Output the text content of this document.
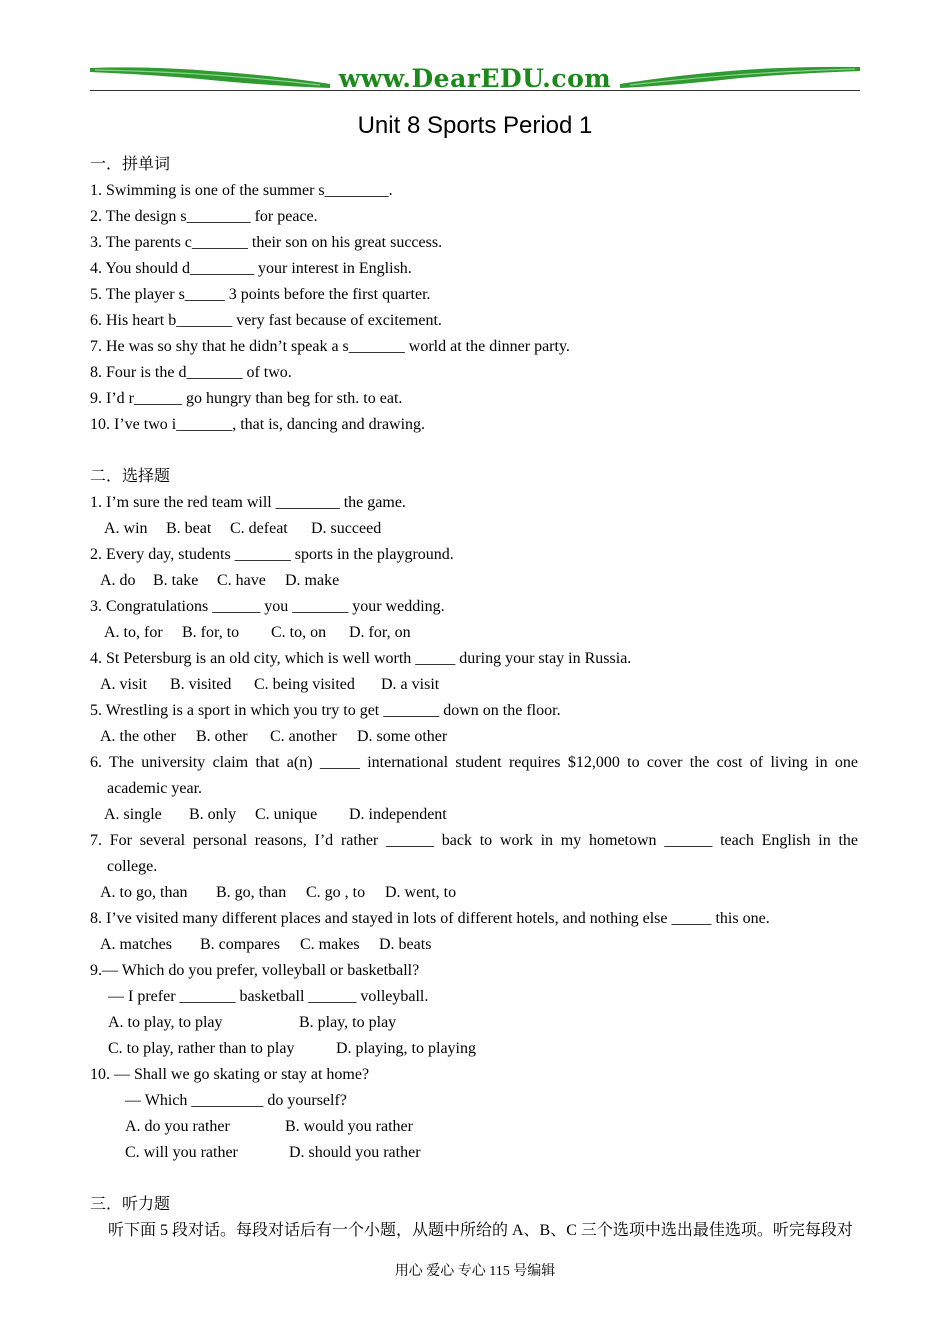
www.DearEDU.com
Unit 8 Sports Period 1
一．拼单词
1. Swimming is one of the summer s________.
2. The design s________ for peace.
3. The parents c_______ their son on his great success.
4. You should d________ your interest in English.
5. The player s_____ 3 points before the first quarter.
6. His heart b_______ very fast because of excitement.
7. He was so shy that he didn’t speak a s_______ world at the dinner party.
8. Four is the d_______ of two.
9. I’d r______ go hungry than beg for sth. to eat.
10. I’ve two i_______, that is, dancing and drawing.
二．选择题
1. I’m sure the red team will ________ the game.
A. win B. beat C. defeat D. succeed
2. Every day, students _______ sports in the playground.
A. do B. take C. have D. make
3. Congratulations ______ you _______ your wedding.
A. to, for B. for, to C. to, on D. for, on
4. St Petersburg is an old city, which is well worth _____ during your stay in Russia.
A. visit B. visited C. being visited D. a visit
5. Wrestling is a sport in which you try to get _______ down on the floor.
A. the other B. other C. another D. some other
6. The university claim that a(n) _____ international student requires $12,000 to cover the cost of living in one
academic year.
A. single B. only C. unique D. independent
7. For several personal reasons, I’d rather ______ back to work in my hometown ______ teach English in the
college.
A. to go, than B. go, than C. go , to D. went, to
8. I’ve visited many different places and stayed in lots of different hotels, and nothing else _____ this one.
A. matches B. compares C. makes D. beats
9.— Which do you prefer, volleyball or basketball?
— I prefer _______ basketball ______ volleyball.
A. to play, to play	B. play, to play
C. to play, rather than to play	D. playing, to playing
10. — Shall we go skating or stay at home?
— Which _________ do yourself?
A. do you rather	B. would you rather
C. will you rather	D. should you rather
三．听力题
听下面 5 段对话。每段对话后有一个小题，从题中所给的 A、B、C 三个选项中选出最佳选项。听完每段对
用心 爱心 专心 115 号编辑
